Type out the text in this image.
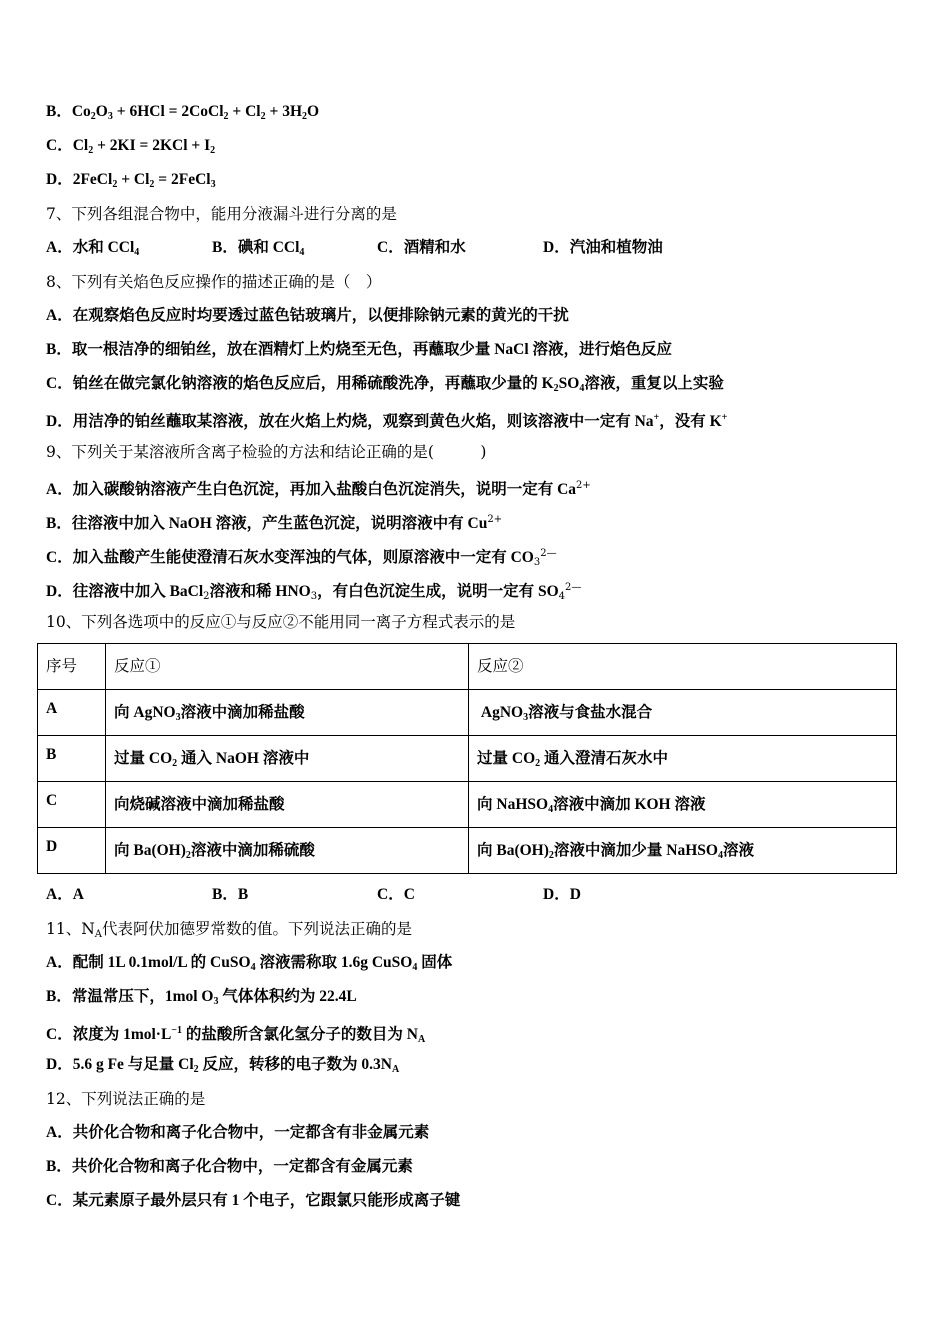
B．$Co_2O_3 + 6HCl$ = 2CoCl$_2$ + $Cl_2 + 3H_2O$
C．$Cl_2 + 2KI = 2KCl + I_2$
D．2FeCl$_2$ + $Cl_2$ = 2FeCl$_3$
7、下列各组混合物中，能用分液漏斗进行分离的是
A．水和 CCl4	B．碘和 CCl4	C．酒精和水	D．汽油和植物油
8、下列有关焰色反应操作的描述正确的是（　）
A．在观察焰色反应时均要透过蓝色钴玻璃片，以便排除钠元素的黄光的干扰
B．取一根洁净的细铂丝，放在酒精灯上灼烧至无色，再蘸取少量 NaCl 溶液，进行焰色反应
C．铂丝在做完氯化钠溶液的焰色反应后，用稀硫酸洗净，再蘸取少量的 $K_2SO_4$溶液，重复以上实验
D．用洁净的铂丝蘸取某溶液，放在火焰上灼烧，观察到黄色火焰，则该溶液中一定有 Na+，没有 K+
9、下列关于某溶液所含离子检验的方法和结论正确的是(　　　)
A．加入碳酸钠溶液产生白色沉淀，再加入盐酸白色沉淀消失，说明一定有 $Ca^{2+}$
B．往溶液中加入 NaOH 溶液，产生蓝色沉淀，说明溶液中有 $Cu^{2+}$
C．加入盐酸产生能使澄清石灰水变浑浊的气体，则原溶液中一定有 $CO_3^{2—}$
D．往溶液中加入 BaCl$_2$溶液和稀 $HNO_3$，有白色沉淀生成，说明一定有 $SO_4^{2—}$
10、下列各选项中的反应①与反应②不能用同一离子方程式表示的是
序号	反应①	反应②
A	向 AgNO$_3$溶液中滴加稀盐酸	AgNO$_3$溶液与食盐水混合
B	过量 $CO_2$ 通入 NaOH 溶液中	过量 $CO_2$ 通入澄清石灰水中
C	向烧碱溶液中滴加稀盐酸	向 NaHSO$_4$溶液中滴加 KOH 溶液
D	向 $Ba(OH)_2$溶液中滴加稀硫酸	向 $Ba(OH)_2$溶液中滴加少量 NaHSO$_4$溶液
A．A	B．B	C．C	D．D
11、$N_A$代表阿伏加德罗常数的值。下列说法正确的是
A．配制 1L 0.1mol/L 的 CuSO$_4$ 溶液需称取 1.6g CuSO$_4$ 固体
B．常温常压下，1mol $O_3$ 气体体积约为 22.4L
C．浓度为 $1mol\cdot L^{-1}$ 的盐酸所含氯化氢分子的数目为 $N_A$
D．5.6 g Fe 与足量 $Cl_2$ 反应，转移的电子数为 $0.3N_A$
12、下列说法正确的是
A．共价化合物和离子化合物中，一定都含有非金属元素
B．共价化合物和离子化合物中，一定都含有金属元素
C．某元素原子最外层只有 1 个电子，它跟氯只能形成离子键
